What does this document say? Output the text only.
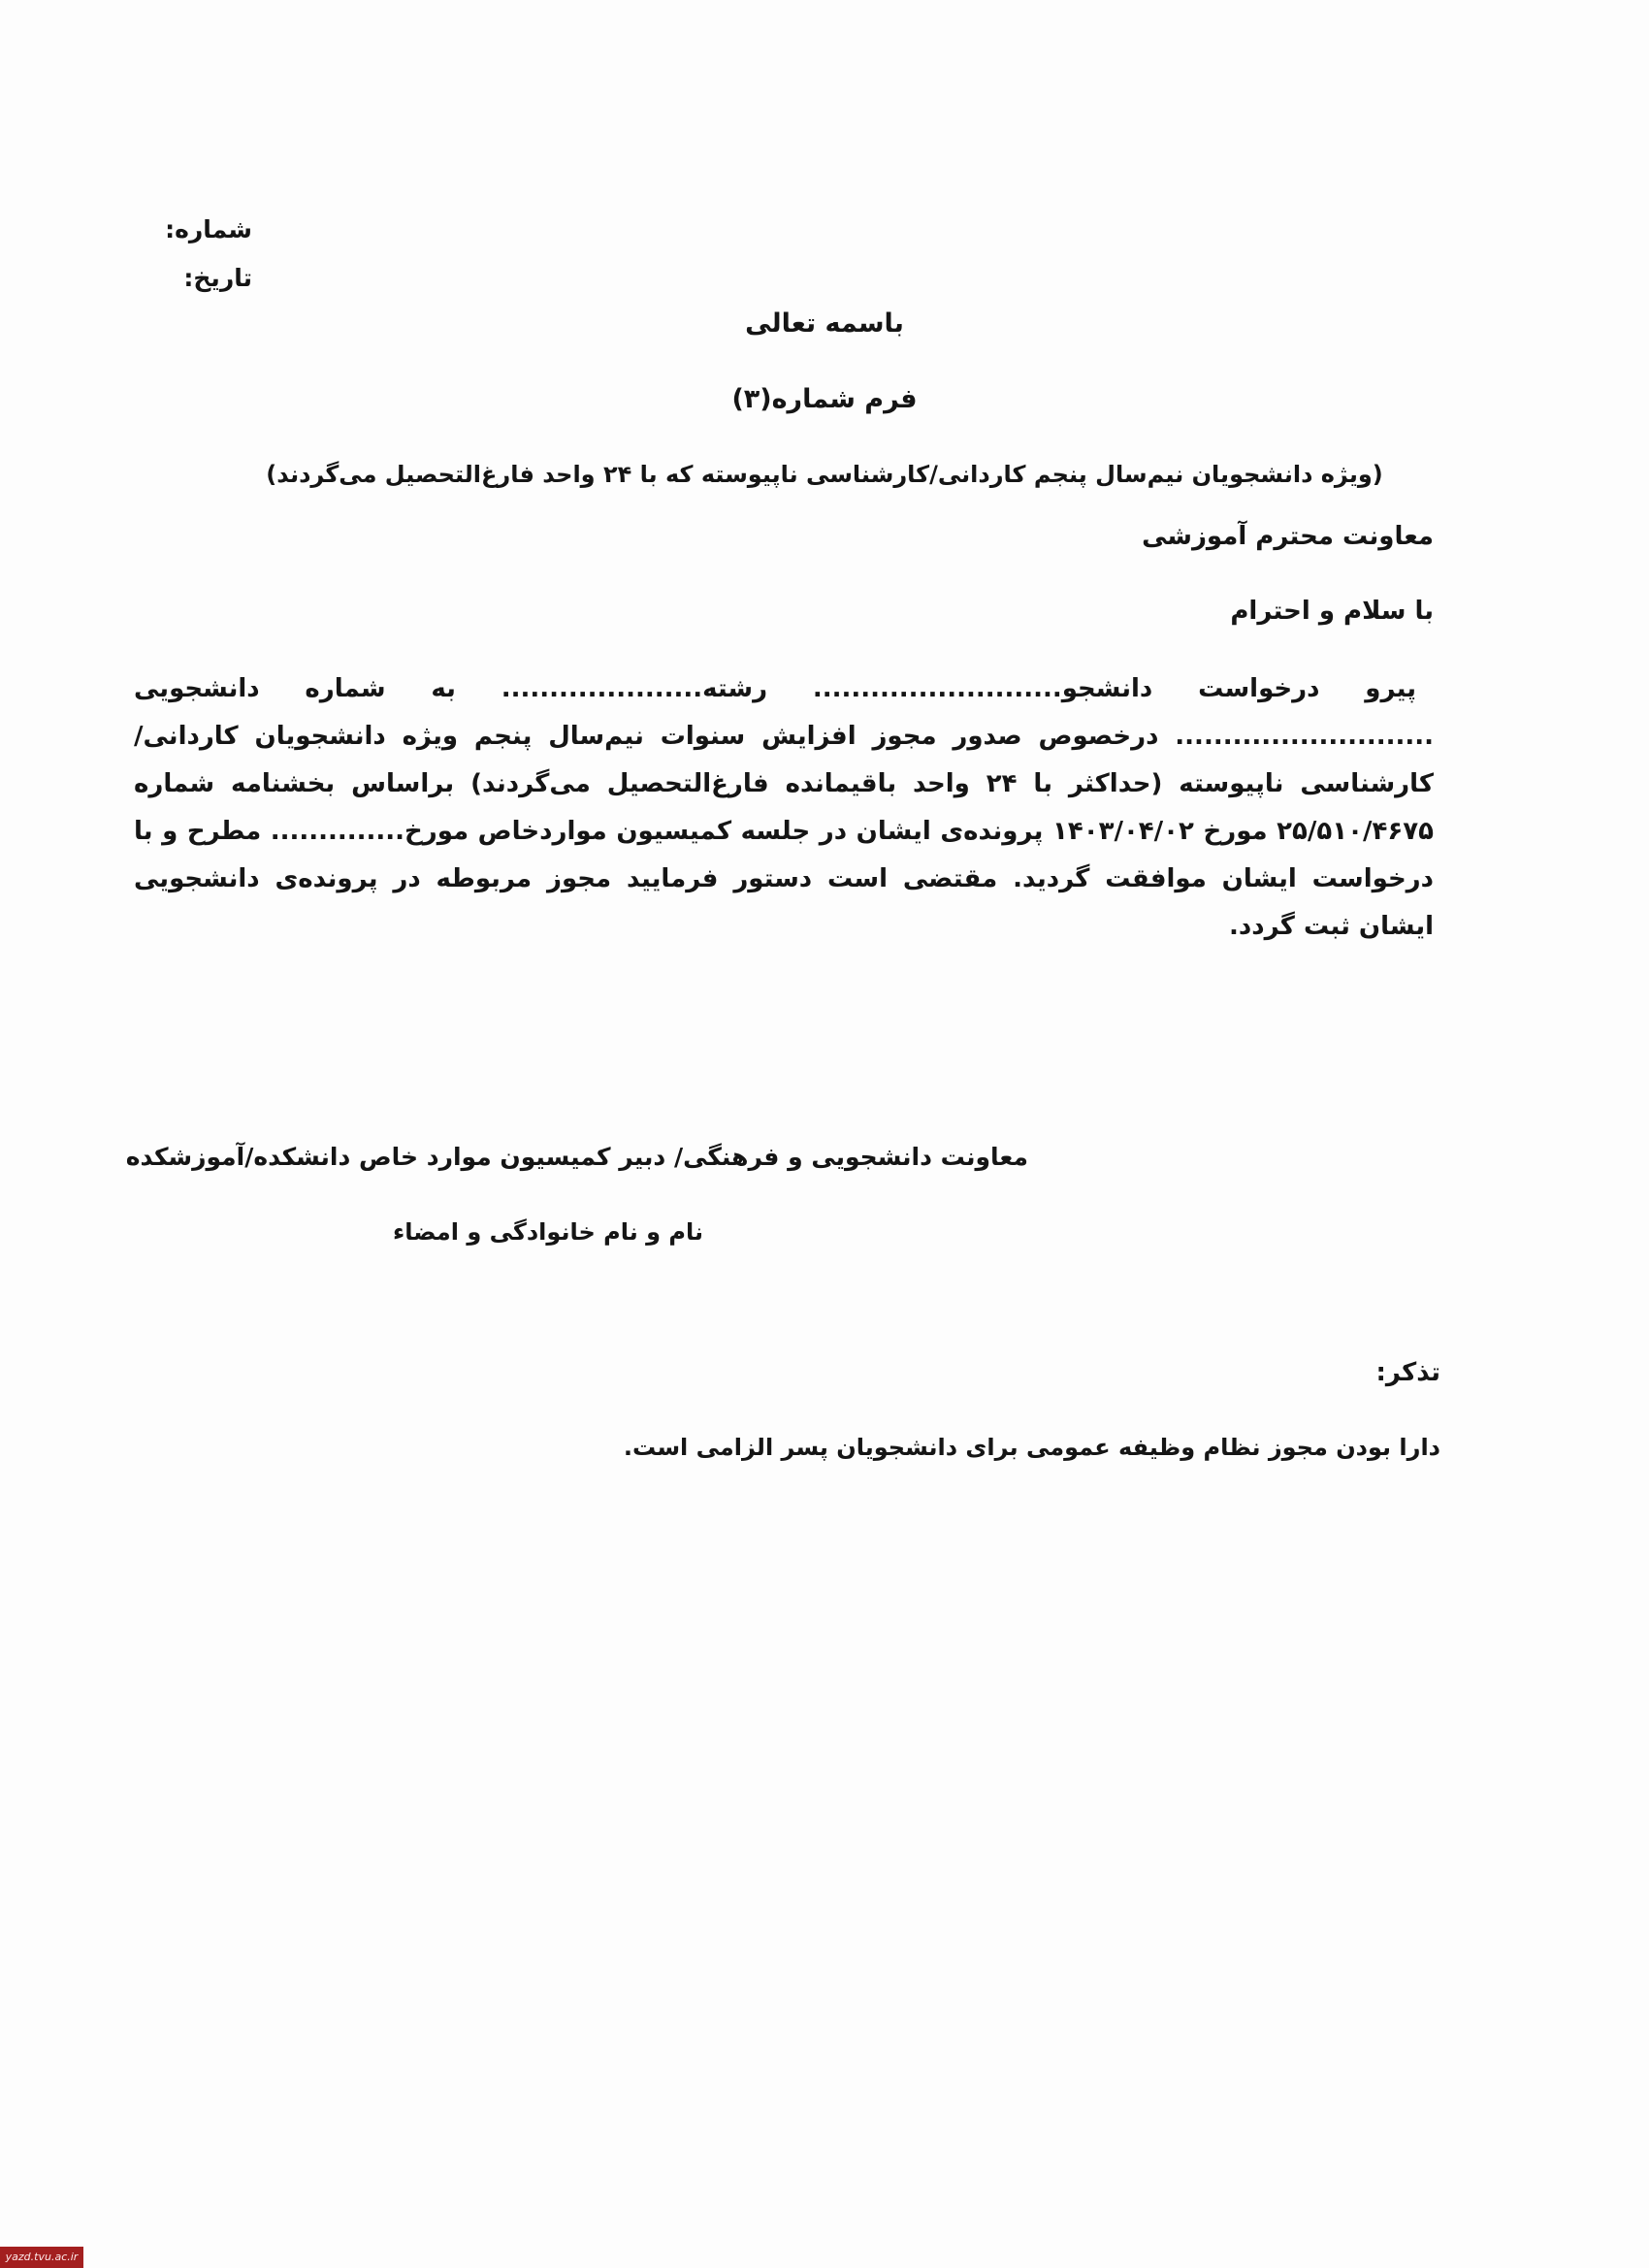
شماره:
تاریخ:
باسمه تعالی
فرم شماره(۳)
(ویژه دانشجویان نیم‌سال پنجم کاردانی/کارشناسی ناپیوسته که با ۲۴ واحد فارغ‌التحصیل می‌گردند)
معاونت محترم آموزشی
با سلام و احترام

پیرو درخواست دانشجو.......................... رشته..................... به شماره دانشجویی ........................... درخصوص صدور مجوز افزایش سنوات نیم‌سال پنجم ویژه دانشجویان کاردانی/کارشناسی ناپیوسته (حداکثر با ۲۴ واحد باقیمانده فارغ‌التحصیل می‌گردند) براساس بخشنامه شماره ۲۵/۵۱۰/۴۶۷۵ مورخ ۱۴۰۳/۰۴/۰۲ پرونده‌ی ایشان در جلسه کمیسیون مواردخاص مورخ.............. مطرح و با درخواست ایشان موافقت گردید. مقتضی است دستور فرمایید مجوز مربوطه در پرونده‌ی دانشجویی ایشان ثبت گردد.

معاونت دانشجویی و فرهنگی/ دبیر کمیسیون موارد خاص دانشکده/آموزشکده
نام و نام خانوادگی و امضاء
تذکر:
دارا بودن مجوز نظام وظیفه عمومی برای دانشجویان پسر الزامی است.
yazd.tvu.ac.ir
